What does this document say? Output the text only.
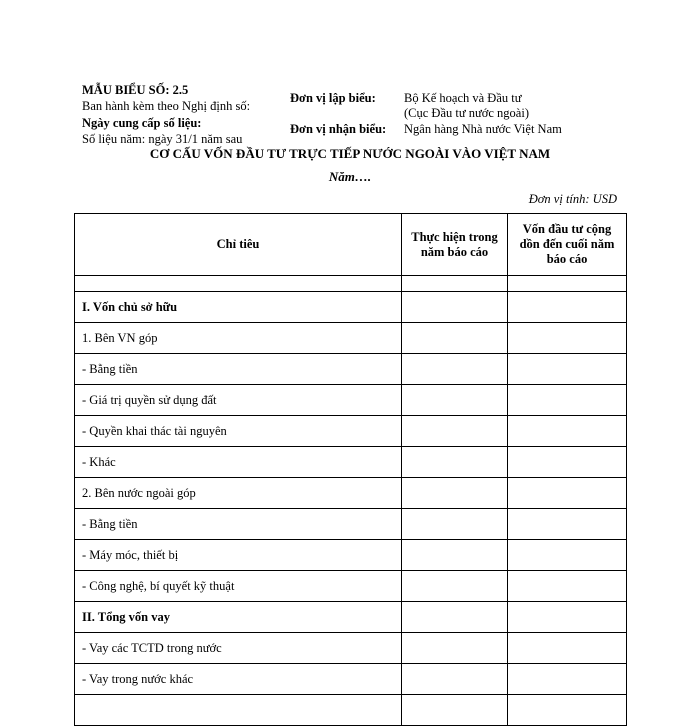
MẪU BIỂU SỐ: 2.5
Ban hành kèm theo Nghị định số:
Ngày cung cấp số liệu:
Số liệu năm: ngày 31/1 năm sau
Đơn vị lập biểu: Bộ Kế hoạch và Đầu tư
(Cục Đầu tư nước ngoài)
Đơn vị nhận biểu: Ngân hàng Nhà nước Việt Nam
CƠ CẤU VỐN ĐẦU TƯ TRỰC TIẾP NƯỚC NGOÀI VÀO VIỆT NAM
Năm….
Đơn vị tính: USD
Chỉ tiêu	Thực hiện trong năm báo cáo	Vốn đầu tư cộng dồn đến cuối năm báo cáo

I. Vốn chủ sở hữu		
1. Bên VN góp		
- Bằng tiền		
- Giá trị quyền sử dụng đất		
- Quyền khai thác tài nguyên		
- Khác		
2. Bên nước ngoài góp		
- Bằng tiền		
- Máy móc, thiết bị		
- Công nghệ, bí quyết kỹ thuật		
II. Tổng vốn vay		
- Vay các TCTD trong nước		
- Vay trong nước khác		
